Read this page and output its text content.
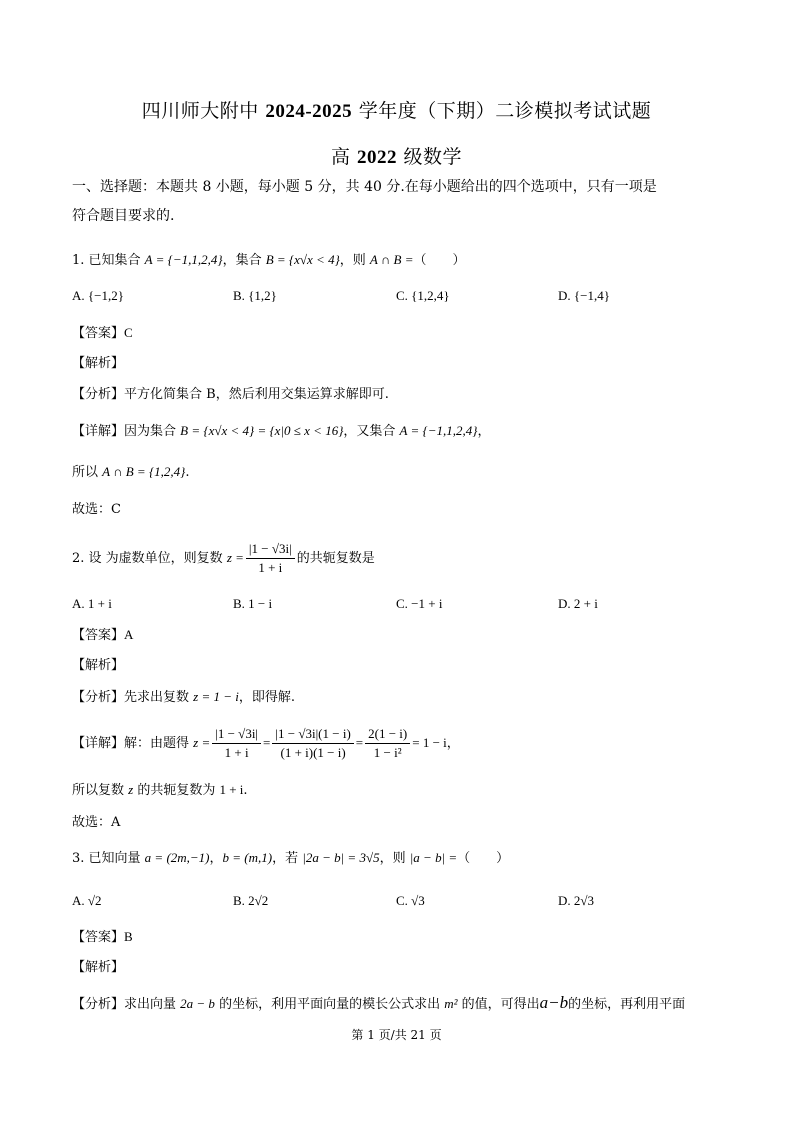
四川师大附中 2024-2025 学年度（下期）二诊模拟考试试题
高 2022 级数学
一、选择题：本题共 8 小题，每小题 5 分，共 40 分.在每小题给出的四个选项中，只有一项是
符合题目要求的.
1. 已知集合 A = {−1,1,2,4}，集合 B = {x√x < 4}，则 A ∩ B =（　　）
A. {−1,2}	B. {1,2}	C. {1,2,4}	D. {−1,4}
【答案】C
【解析】
【分析】平方化简集合 B，然后利用交集运算求解即可.
【详解】因为集合 B = {x√x < 4} = {x|0 ≤ x < 16}，又集合 A = {−1,1,2,4}，
所以 A ∩ B = {1,2,4}.
故选：C
2. 设 为虚数单位，则复数 $z = \frac{|1 - √3i|}{1 + i}$ 的共轭复数是
A. 1 + i	B. 1 − i	C. −1 + i	D. 2 + i
【答案】A
【解析】
【分析】先求出复数 z = 1 − i，即得解.
【详解】解：由题得 $z = \frac{|1 - √3i|}{1 + i} = \frac{|1 - √3i|(1 - i)}{(1 + i)(1 - i)} = \frac{2(1 - i)}{\text{1 − i²}} = 1 - i$，
所以复数 z 的共轭复数为 1 + i.
故选：A
3. 已知向量 a = (2m,−1)，b = (m,1)，若 |2a − b| = 3√5，则 |a − b| =（　　）
A. √2	B. 2√2	C. √3	D. 2√3
【答案】B
【解析】
【分析】求出向量 2a − b 的坐标，利用平面向量的模长公式求出 m² 的值，可得出a−b的坐标，再利用平面
第 1 页/共 21 页
